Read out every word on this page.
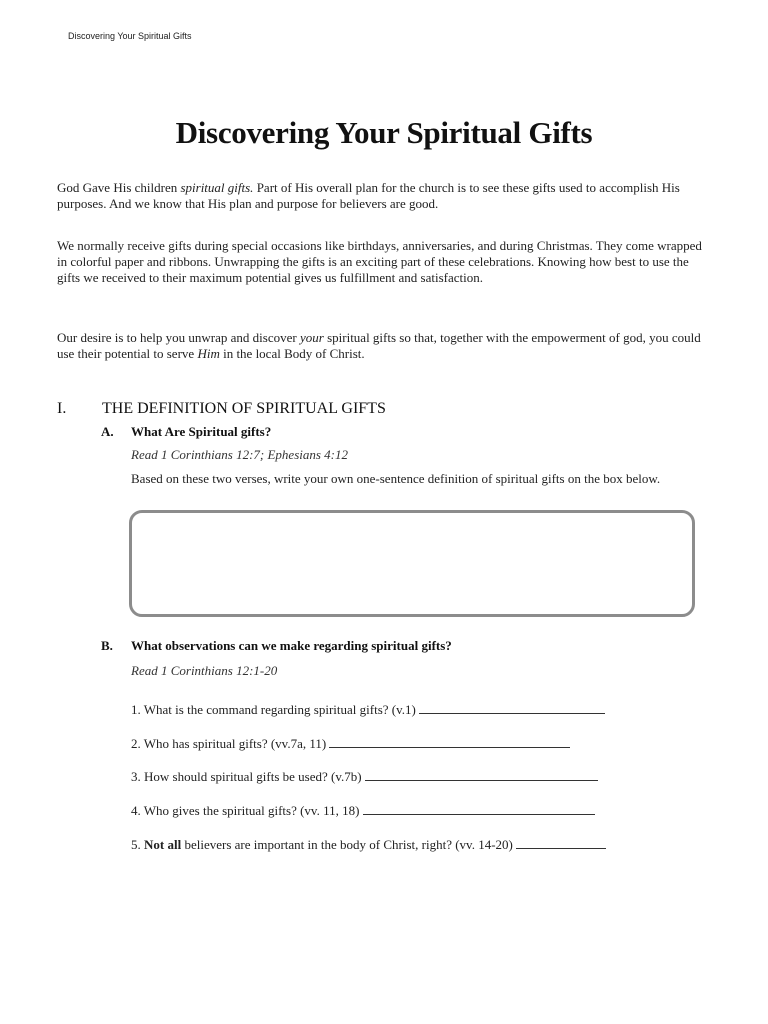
Discovering Your Spiritual Gifts
Discovering Your Spiritual Gifts
God Gave His children spiritual gifts. Part of His overall plan for the church is to see these gifts used to accomplish His purposes. And we know that His plan and purpose for believers are good.
We normally receive gifts during special occasions like birthdays, anniversaries, and during Christmas. They come wrapped in colorful paper and ribbons. Unwrapping the gifts is an exciting part of these celebrations. Knowing how best to use the gifts we received to their maximum potential gives us fulfillment and satisfaction.
Our desire is to help you unwrap and discover your spiritual gifts so that, together with the empowerment of god, you could use their potential to serve Him in the local Body of Christ.
I.	THE DEFINITION OF SPIRITUAL GIFTS
A. What Are Spiritual gifts?
Read 1 Corinthians 12:7; Ephesians 4:12
Based on these two verses, write your own one-sentence definition of spiritual gifts on the box below.
B. What observations can we make regarding spiritual gifts?
Read 1 Corinthians 12:1-20
1. What is the command regarding spiritual gifts? (v.1)
2. Who has spiritual gifts? (vv.7a, 11)
3. How should spiritual gifts be used? (v.7b)
4. Who gives the spiritual gifts? (vv. 11, 18)
5. Not all believers are important in the body of Christ, right? (vv. 14-20)
